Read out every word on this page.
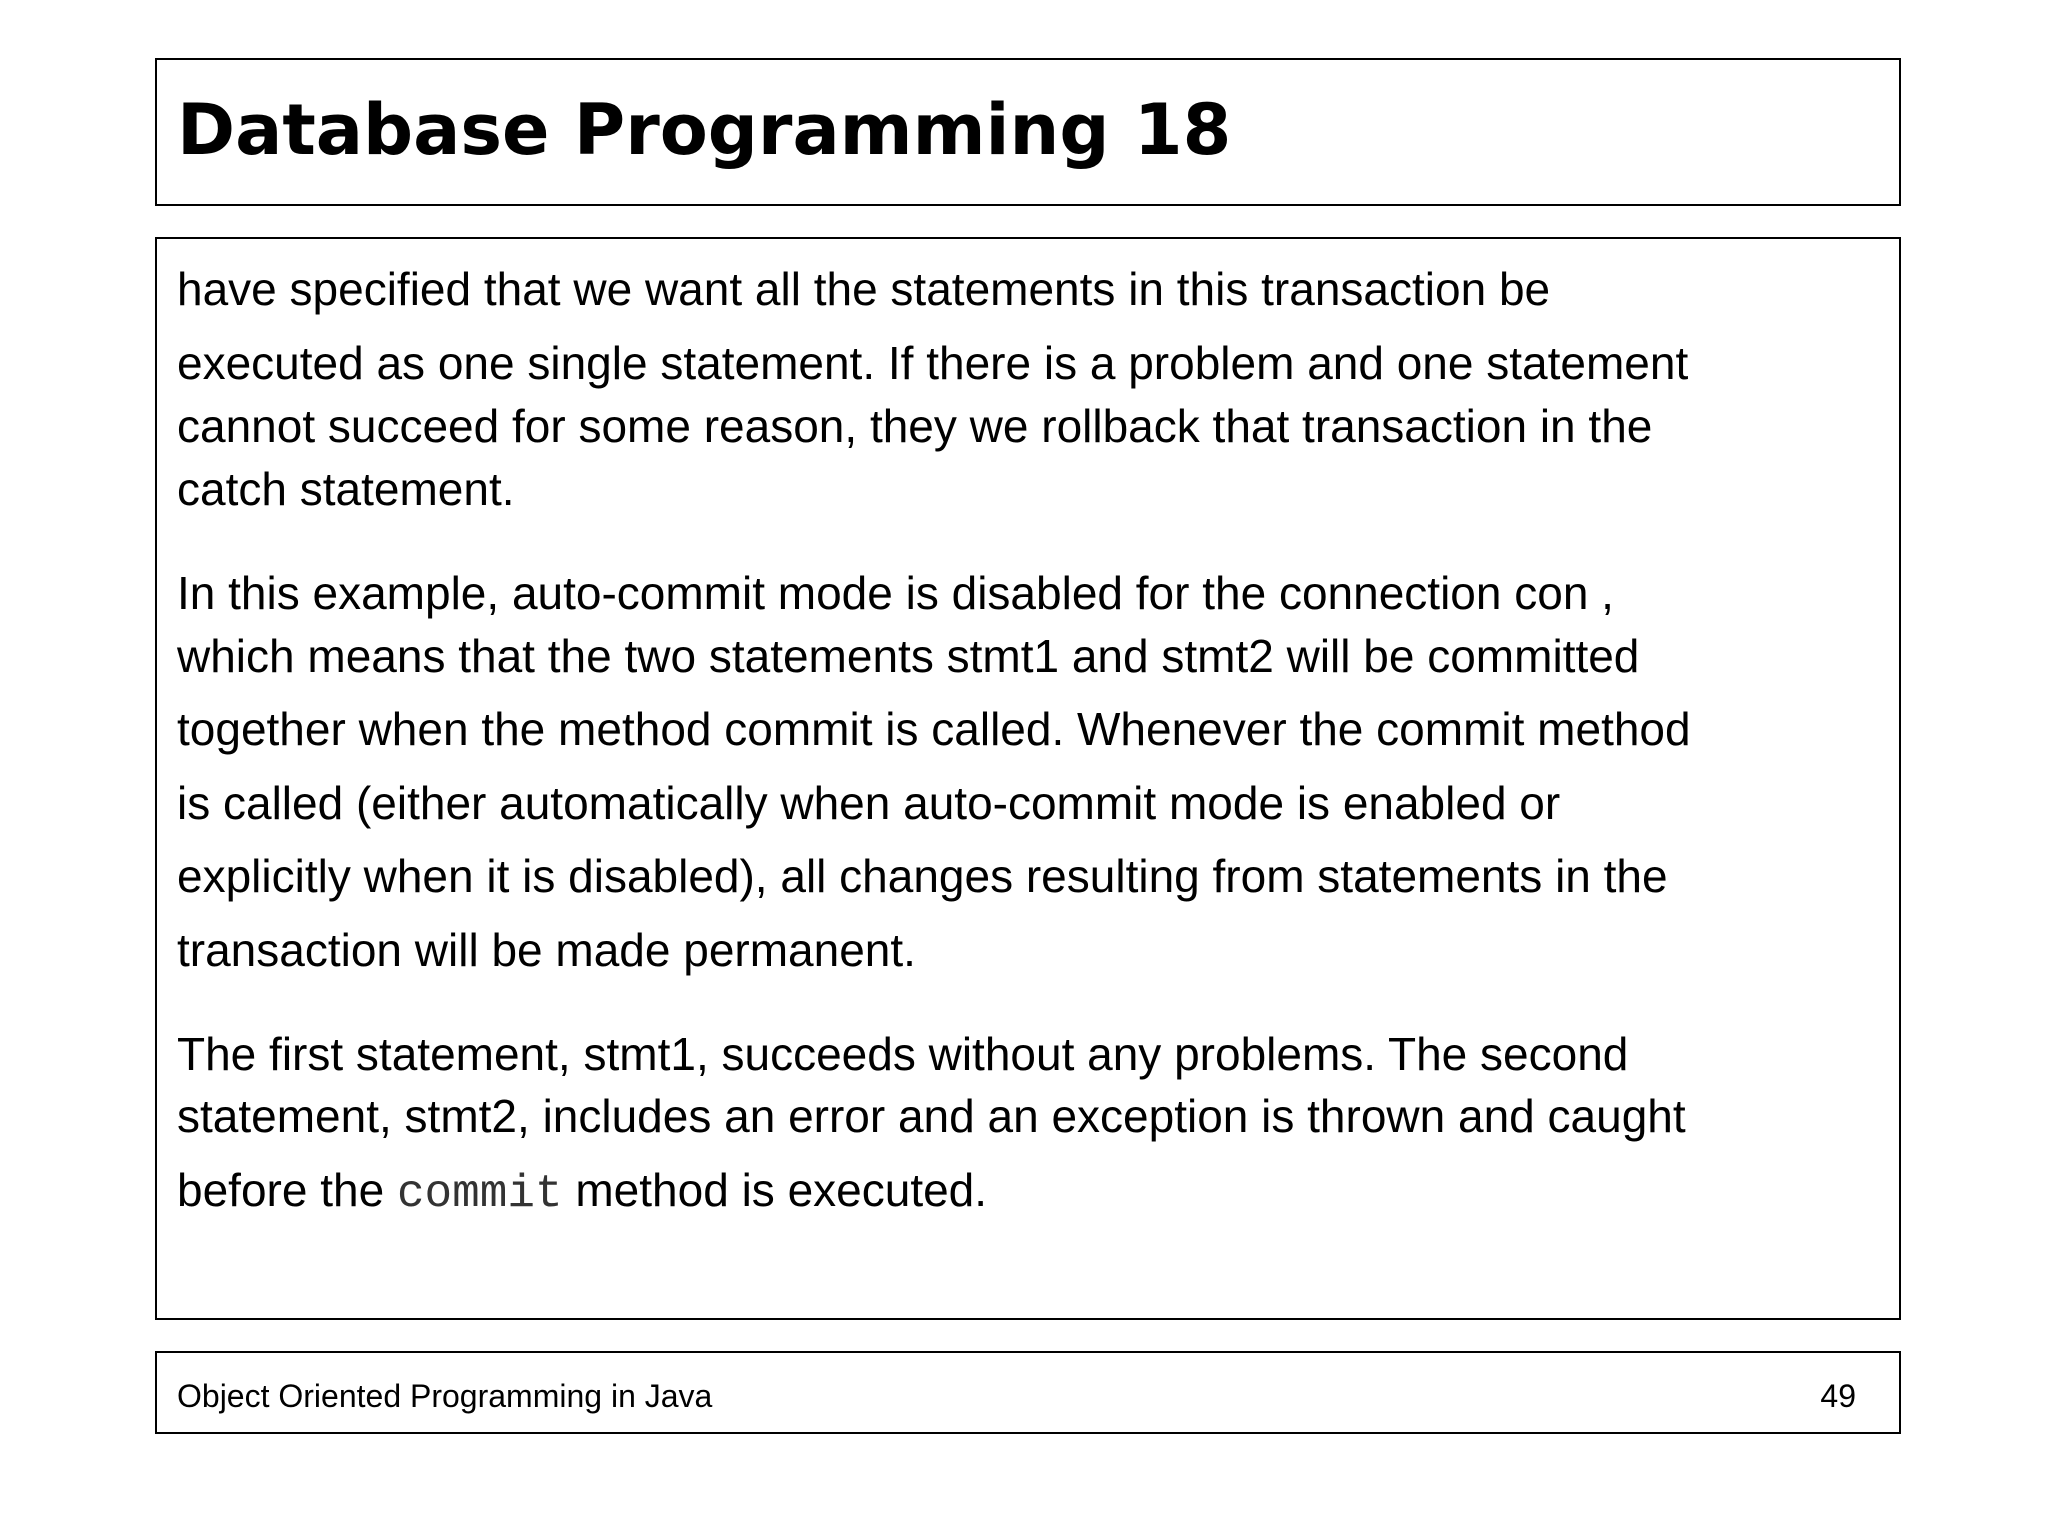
Database Programming 18

have specified that we want all the statements in this transaction be
executed as one single statement. If there is a problem and one statement
cannot succeed for some reason, they we rollback that transaction in the
catch statement.

In this example, auto-commit mode is disabled for the connection con ,
which means that the two statements stmt1 and stmt2 will be committed
together when the method commit is called. Whenever the commit method
is called (either automatically when auto-commit mode is enabled or
explicitly when it is disabled), all changes resulting from statements in the
transaction will be made permanent.

The first statement, stmt1, succeeds without any problems. The second
statement, stmt2, includes an error and an exception is thrown and caught
before the commit method is executed.

Object Oriented Programming in Java	49
